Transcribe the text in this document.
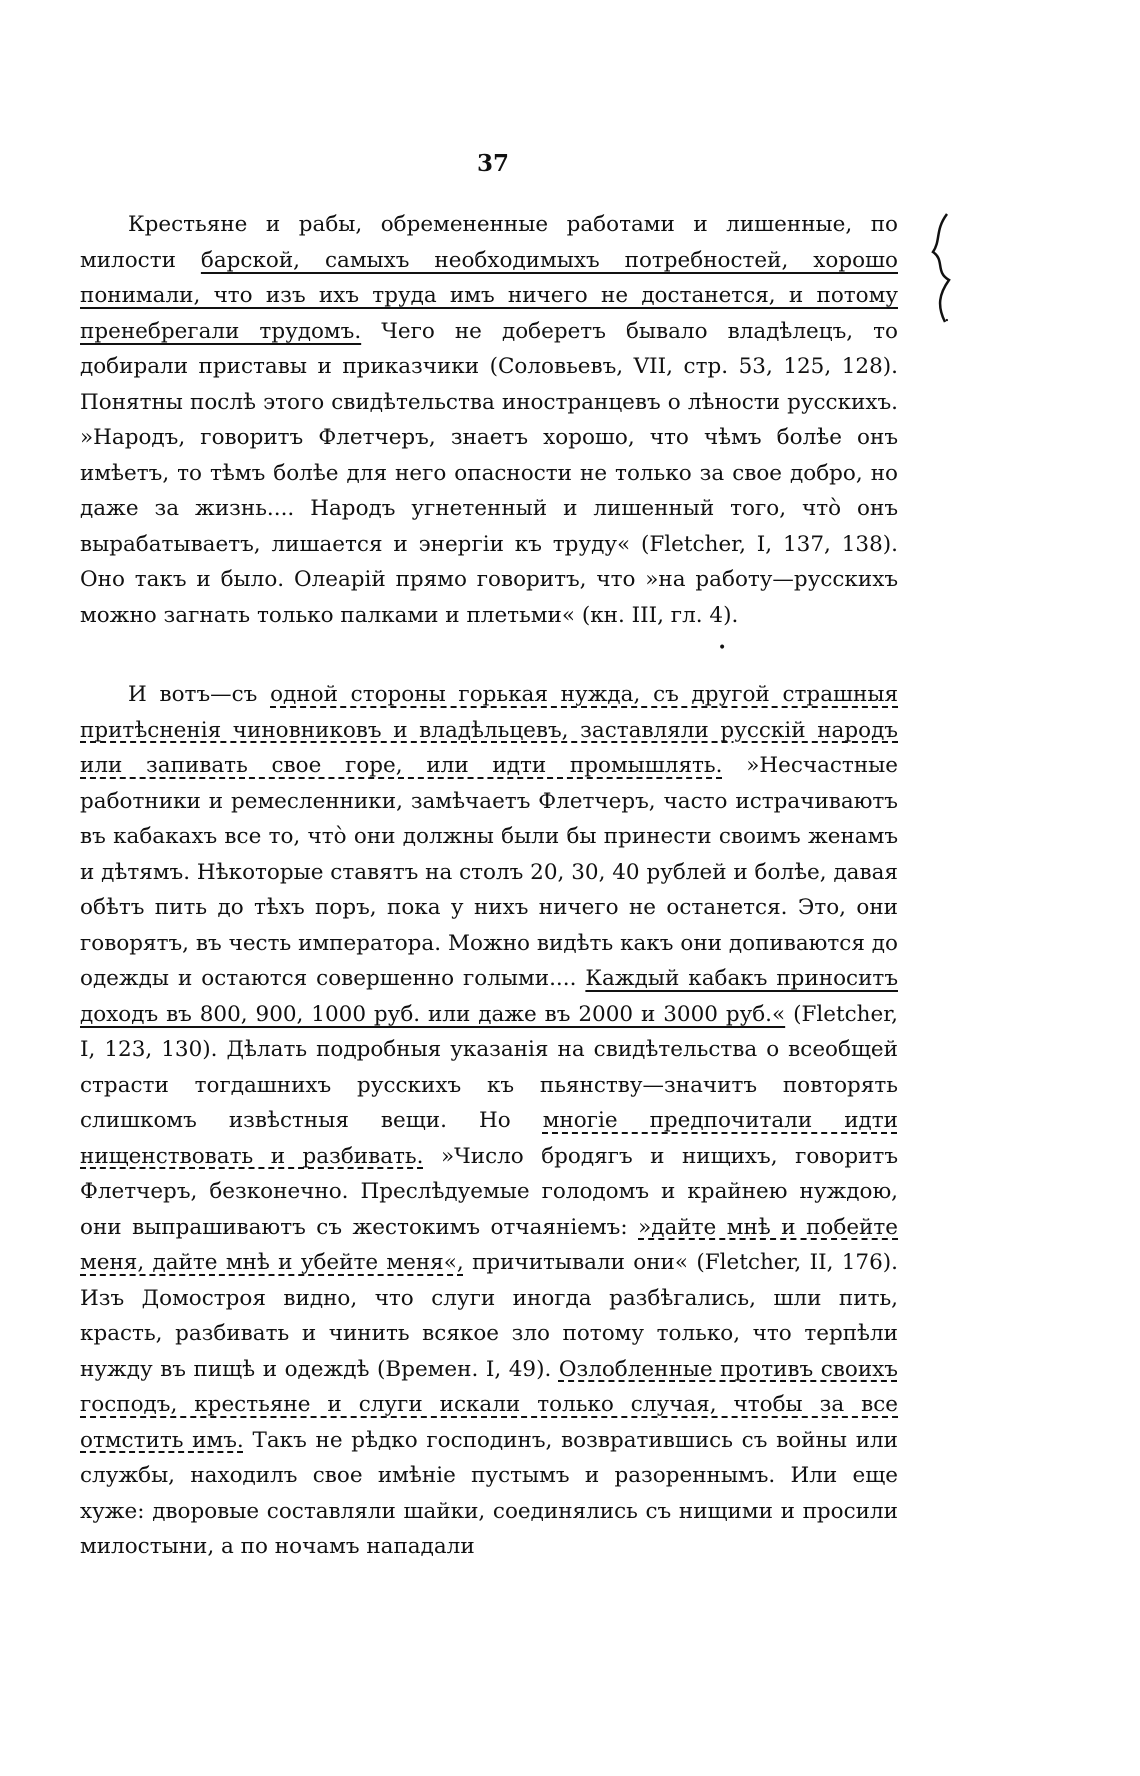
37
Крестьяне и рабы, обремененные работами и лишенные, по милости барской, самыхъ необходимыхъ потребностей, хорошо понимали, что изъ ихъ труда имъ ничего не достанется, и потому пренебрегали трудомъ. Чего не доберетъ бывало владѣлецъ, то добирали приставы и приказчики (Соловьевъ, VII, стр. 53, 125, 128). Понятны послѣ этого свидѣтельства иностранцевъ о лѣности русскихъ. »Народъ, говоритъ Флетчеръ, знаетъ хорошо, что чѣмъ болѣе онъ имѣетъ, то тѣмъ болѣе для него опасности не только за свое добро, но даже за жизнь.... Народъ угнетенный и лишенный того, что̀ онъ вырабатываетъ, лишается и энергіи къ труду« (Fletcher, I, 137, 138). Оно такъ и было. Олеарій прямо говоритъ, что »на работу—русскихъ можно загнать только палками и плетьми« (кн. III, гл. 4).
.
•
И вотъ—съ одной стороны горькая нужда, съ другой страшныя притѣсненія чиновниковъ и владѣльцевъ, заставляли русскій народъ или запивать свое горе, или идти промышлять. »Несчастные работники и ремесленники, замѣчаетъ Флетчеръ, часто истрачиваютъ въ кабакахъ все то, что̀ они должны были бы принести своимъ женамъ и дѣтямъ. Нѣкоторые ставятъ на столъ 20, 30, 40 рублей и болѣе, давая обѣтъ пить до тѣхъ поръ, пока у нихъ ничего не останется. Это, они говорятъ, въ честь императора. Можно видѣть какъ они допиваются до одежды и остаются совершенно голыми.... Каждый кабакъ приноситъ доходъ въ 800, 900, 1000 руб. или даже въ 2000 и 3000 руб.« (Fletcher, I, 123, 130). Дѣлать подробныя указанія на свидѣтельства о всеобщей страсти тогдашнихъ русскихъ къ пьянству—значитъ повторять слишкомъ извѣстныя вещи. Но многіе предпочитали идти нищенствовать и разбивать. »Число бродягъ и нищихъ, говоритъ Флетчеръ, безконечно. Преслѣдуемые голодомъ и крайнею нуждою, они выпрашиваютъ съ жестокимъ отчаяніемъ: »дайте мнѣ и побейте меня, дайте мнѣ и убейте меня«, причитывали они« (Fletcher, II, 176). Изъ Домостроя видно, что слуги иногда разбѣгались, шли пить, красть, разбивать и чинить всякое зло потому только, что терпѣли нужду въ пищѣ и одеждѣ (Времен. I, 49). Озлобленные противъ своихъ господъ, крестьяне и слуги искали только случая, чтобы за все отмстить имъ. Такъ не рѣдко господинъ, возвратившись съ войны или службы, находилъ свое имѣніе пустымъ и разореннымъ. Или еще хуже: дворовые составляли шайки, соединялись съ нищими и просили милостыни, а по ночамъ нападали
